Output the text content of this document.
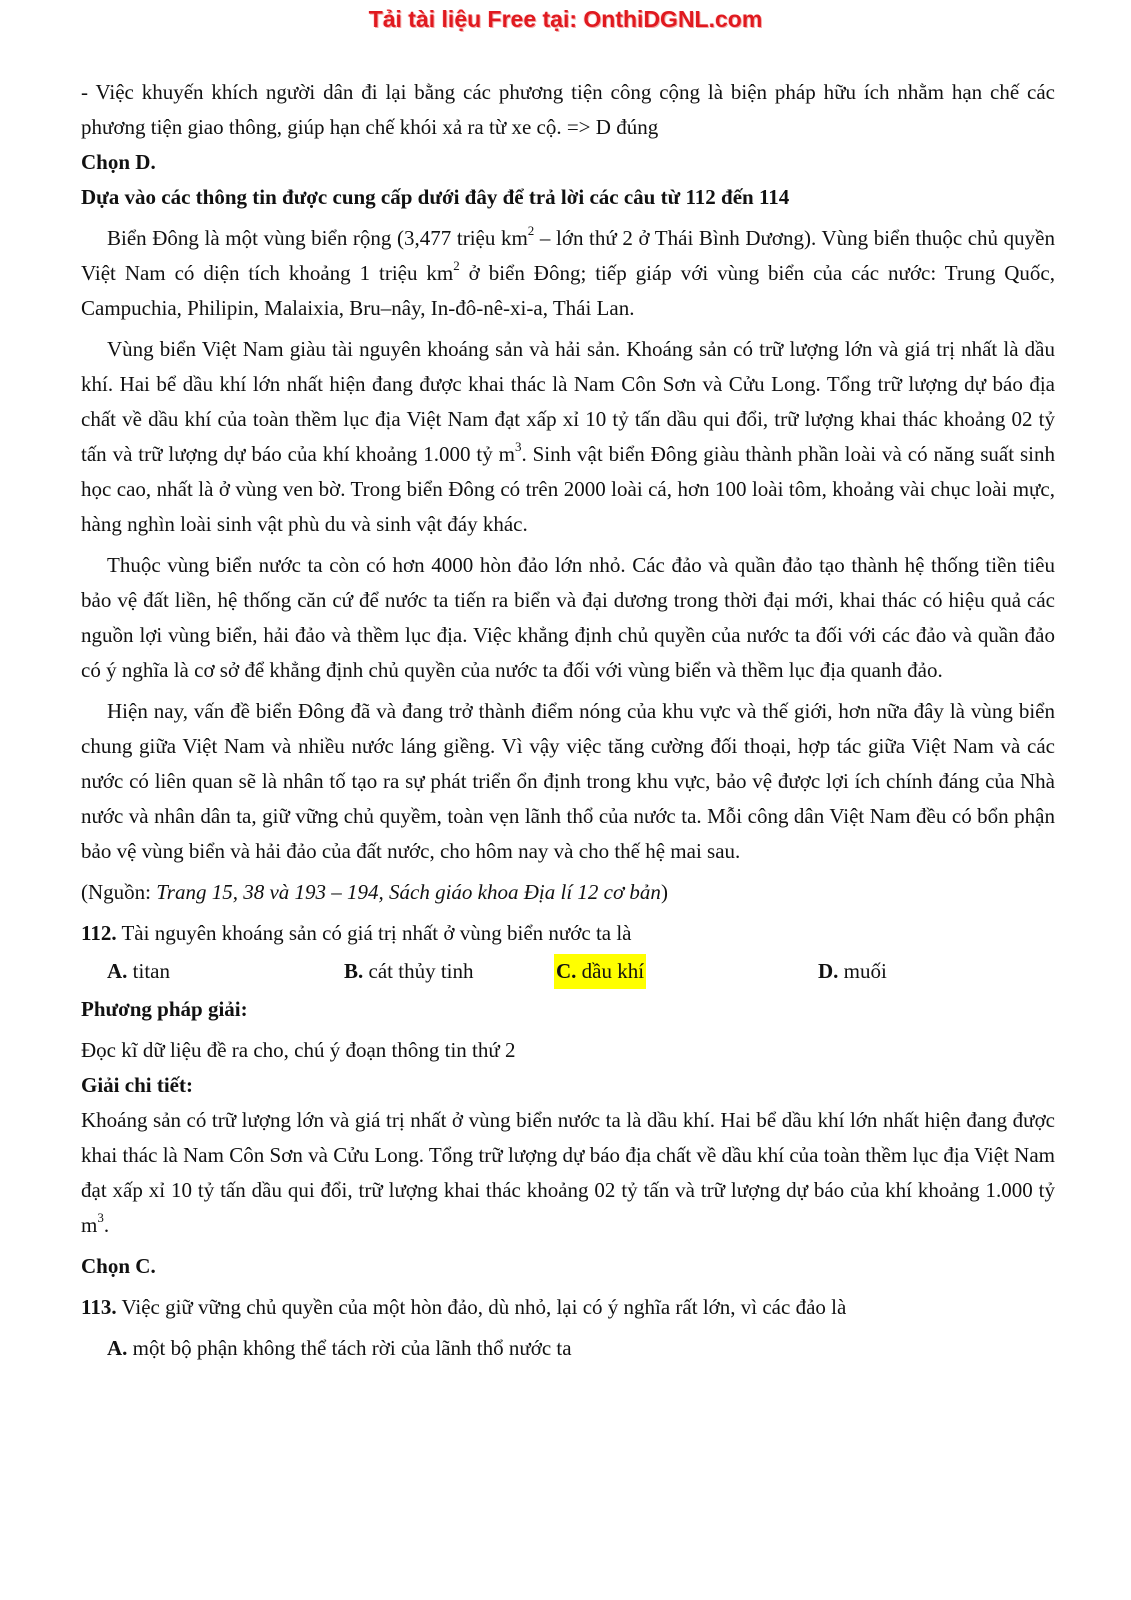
Tải tài liệu Free tại: OnthiDGNL.com

- Việc khuyến khích người dân đi lại bằng các phương tiện công cộng là biện pháp hữu ích nhằm hạn chế các phương tiện giao thông, giúp hạn chế khói xả ra từ xe cộ. => D đúng

Chọn D.

Dựa vào các thông tin được cung cấp dưới đây để trả lời các câu từ 112 đến 114

Biển Đông là một vùng biển rộng (3,477 triệu $km^2$ – lớn thứ 2 ở Thái Bình Dương). Vùng biển thuộc chủ quyền Việt Nam có diện tích khoảng 1 triệu $km^2$ ở biển Đông; tiếp giáp với vùng biển của các nước: Trung Quốc, Campuchia, Philipin, Malaixia, Bru–nây, In-đô-nê-xi-a, Thái Lan.

Vùng biển Việt Nam giàu tài nguyên khoáng sản và hải sản. Khoáng sản có trữ lượng lớn và giá trị nhất là dầu khí. Hai bể dầu khí lớn nhất hiện đang được khai thác là Nam Côn Sơn và Cửu Long. Tổng trữ lượng dự báo địa chất về dầu khí của toàn thềm lục địa Việt Nam đạt xấp xỉ 10 tỷ tấn dầu qui đổi, trữ lượng khai thác khoảng 02 tỷ tấn và trữ lượng dự báo của khí khoảng 1.000 tỷ $m^3$. Sinh vật biển Đông giàu thành phần loài và có năng suất sinh học cao, nhất là ở vùng ven bờ. Trong biển Đông có trên 2000 loài cá, hơn 100 loài tôm, khoảng vài chục loài mực, hàng nghìn loài sinh vật phù du và sinh vật đáy khác.

Thuộc vùng biển nước ta còn có hơn 4000 hòn đảo lớn nhỏ. Các đảo và quần đảo tạo thành hệ thống tiền tiêu bảo vệ đất liền, hệ thống căn cứ để nước ta tiến ra biển và đại dương trong thời đại mới, khai thác có hiệu quả các nguồn lợi vùng biển, hải đảo và thềm lục địa. Việc khẳng định chủ quyền của nước ta đối với các đảo và quần đảo có ý nghĩa là cơ sở để khẳng định chủ quyền của nước ta đối với vùng biển và thềm lục địa quanh đảo.

Hiện nay, vấn đề biển Đông đã và đang trở thành điểm nóng của khu vực và thế giới, hơn nữa đây là vùng biển chung giữa Việt Nam và nhiều nước láng giềng. Vì vậy việc tăng cường đối thoại, hợp tác giữa Việt Nam và các nước có liên quan sẽ là nhân tố tạo ra sự phát triển ổn định trong khu vực, bảo vệ được lợi ích chính đáng của Nhà nước và nhân dân ta, giữ vững chủ quyềm, toàn vẹn lãnh thổ của nước ta. Mỗi công dân Việt Nam đều có bổn phận bảo vệ vùng biển và hải đảo của đất nước, cho hôm nay và cho thế hệ mai sau.

(Nguồn: Trang 15, 38 và 193 – 194, Sách giáo khoa Địa lí 12 cơ bản)

112. Tài nguyên khoáng sản có giá trị nhất ở vùng biển nước ta là

A. titan	B. cát thủy tinh	C. dầu khí	D. muối

Phương pháp giải:

Đọc kĩ dữ liệu đề ra cho, chú ý đoạn thông tin thứ 2

Giải chi tiết:

Khoáng sản có trữ lượng lớn và giá trị nhất ở vùng biển nước ta là dầu khí. Hai bể dầu khí lớn nhất hiện đang được khai thác là Nam Côn Sơn và Cửu Long. Tổng trữ lượng dự báo địa chất về dầu khí của toàn thềm lục địa Việt Nam đạt xấp xỉ 10 tỷ tấn dầu qui đổi, trữ lượng khai thác khoảng 02 tỷ tấn và trữ lượng dự báo của khí khoảng 1.000 tỷ $m^3$.

Chọn C.

113. Việc giữ vững chủ quyền của một hòn đảo, dù nhỏ, lại có ý nghĩa rất lớn, vì các đảo là

A. một bộ phận không thể tách rời của lãnh thổ nước ta
